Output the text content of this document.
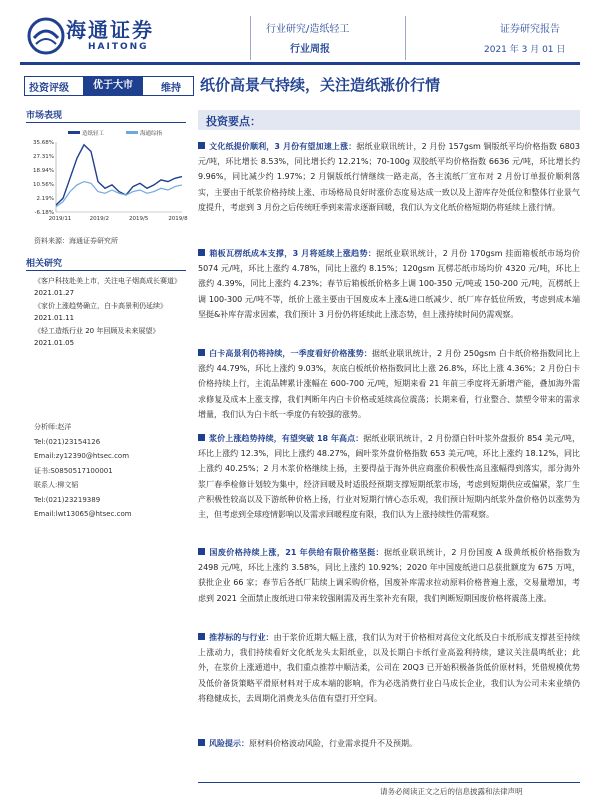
海通证券
HAITONG
行业研究/造纸轻工
行业周报
证券研究报告
2021 年 3 月 01 日
投资评级	优于大市	维持 纸价高景气持续，关注造纸涨价行情
市场表现
造纸轻工	海通综指
35.68%
27.31%
18.94%
10.56%
2.19%
-6.18%
2019/11	2019/2	2019/5	2019/8
资料来源：海通证券研究所
相关研究
《客户科技赴美上市，关注电子烟高成长赛道》2021.01.27
《家价上涨趋势确立，白卡高景利仍延续》2021.01.11
《轻工造纸行业 20 年回顾及未来展望》2021.01.05
分析师:赵洋
Tel:(021)23154126
Email:zy12390@htsec.com
证书:S0850517100001
联系人:柳文韬
Tel:(021)23219389
Email:lwt13065@htsec.com
投资要点：
文化纸提价顺利，3 月份有望加速上涨：据纸业联讯统计，2 月份 157gsm 铜版纸平均价格指数 6803 元/吨，环比增长 8.53%，同比增长约 12.21%；70-100g 双胶纸平均价格指数 6636 元/吨，环比增长约 9.96%，同比减少约 1.97%；2 月铜版纸行情继续一路走高，各主流纸厂宣布对 2 月份订单报价顺利落实，主要由于纸浆价格持续上涨、市场格局良好时涨价态度易达成一致以及上游库存处低位和整体行业景气度提升，考虑到 3 月份之后传统旺季到来需求逐渐回暖，我们认为文化纸价格短期仍将延续上涨行情。
箱板瓦楞纸成本支撑，3 月将延续上涨趋势：据纸业联讯统计，2 月份 170gsm 挂面箱板纸市场均价 5074 元/吨，环比上涨约 4.78%，同比上涨约 8.15%；120gsm 瓦楞芯纸市场均价 4320 元/吨，环比上涨约 4.39%，同比上涨约 4.23%；春节后箱板纸价格多上调 100-350 元/吨或 150-200 元/吨，瓦楞纸上调 100-300 元/吨不等，纸价上涨主要由于国废成本上涨&进口纸减少、纸厂库存低位所致，考虑到成本端坚挺&补库存需求因素，我们预计 3 月份仍将延续此上涨态势，但上涨持续时间仍需观察。
白卡高景利仍将持续，一季度看好价格涨势：据纸业联讯统计，2 月份 250gsm 白卡纸价格指数同比上涨约 44.79%，环比上涨约 9.03%，灰底白板纸价格指数同比上涨 26.8%，环比上涨 4.36%；2 月份白卡价格持续上行，主流品牌累计涨幅在 600-700 元/吨，短期来看 21 年前三季度将无新增产能，叠加海外需求修复及成本上涨支撑，我们判断年内白卡价格或延续高位震荡；长期来看，行业整合、禁塑令带来的需求增量，我们认为白卡纸一季度仍有较强的涨势。
浆价上涨趋势持续，有望突破 18 年高点：据纸业联讯统计，2 月份漂白针叶浆外盘报价 854 美元/吨，环比上涨约 12.3%，同比上涨约 48.27%，阔叶浆外盘价格指数 653 美元/吨，环比上涨约 18.12%，同比上涨约 40.25%；2 月木浆价格继续上扬，主要得益于海外供应商涨价积极性高且涨幅得到落实，部分海外浆厂春季检修计划较为集中，经济回暖及时适股经预期支撑短期纸浆市场，考虑到短期供应或偏紧，浆厂生产积极性较高以及下游纸种价格上扬，行业对短期行情心态乐观，我们预计短期内纸浆外盘价格仍以涨势为主，但考虑到全球疫情影响以及需求回暖程度有限，我们认为上涨持续性仍需观察。
国废价格持续上涨，21 年供给有限价格坚挺：据纸业联讯统计，2 月份国废 A 级黄纸板价格指数为 2498 元/吨，环比上涨约 3.58%，同比上涨约 10.92%；2020 年中国废纸进口总获批额度为 675 万吨，获批企业 66 家；春节后各纸厂陆续上调采购价格，国废补库需求拉动原料价格普遍上涨，交易量增加，考虑到 2021 全面禁止废纸进口带来较强刚需及再生浆补充有限，我们判断短期国废价格将震荡上涨。
推荐标的与行业：由于浆价近期大幅上涨，我们认为对于价格相对高位文化纸及白卡纸形成支撑甚至持续上涨动力，我们持续看好文化纸龙头太阳纸业，以及长期白卡纸行业高盈利持续，建议关注晨鸣纸业；此外，在浆价上涨通道中，我们重点推荐中顺洁柔，公司在 20Q3 已开始积极备货低价原材料，凭借规模优势及低价备货策略平滑原材料对于成本端的影响，作为必选消费行业白马成长企业，我们认为公司未来业绩仍将稳健成长，去周期化消费龙头估值有望打开空间。
风险提示：原材料价格波动风险，行业需求提升不及预期。
请务必阅读正文之后的信息披露和法律声明
